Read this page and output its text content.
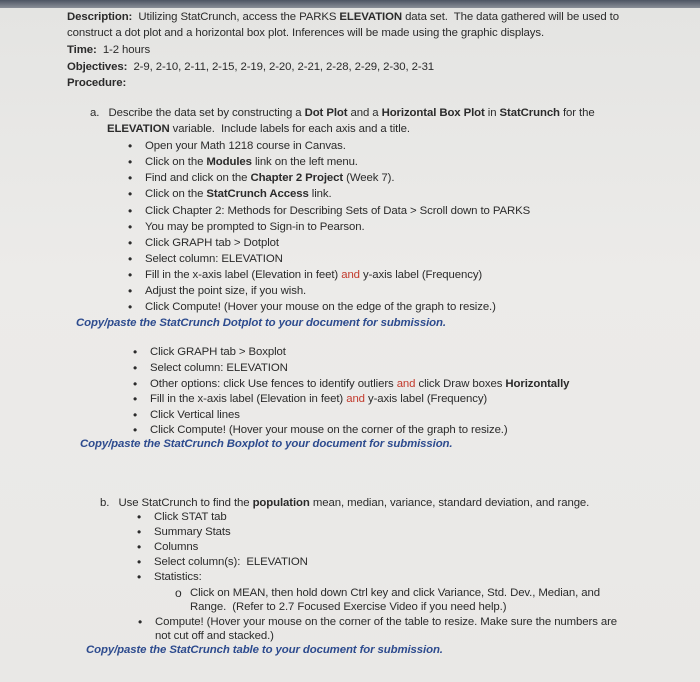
Description:  Utilizing StatCrunch, access the PARKS ELEVATION data set.  The data gathered will be used to
construct a dot plot and a horizontal box plot. Inferences will be made using the graphic displays.
Time:  1-2 hours
Objectives:  2-9, 2-10, 2-11, 2-15, 2-19, 2-20, 2-21, 2-28, 2-29, 2-30, 2-31
Procedure:
a.   Describe the data set by constructing a Dot Plot and a Horizontal Box Plot in StatCrunch for the
ELEVATION variable.  Include labels for each axis and a title.
• Open your Math 1218 course in Canvas.
• Click on the Modules link on the left menu.
• Find and click on the Chapter 2 Project (Week 7).
• Click on the StatCrunch Access link.
• Click Chapter 2: Methods for Describing Sets of Data > Scroll down to PARKS
• You may be prompted to Sign-in to Pearson.
• Click GRAPH tab > Dotplot
• Select column: ELEVATION
• Fill in the x-axis label (Elevation in feet) and y-axis label (Frequency)
• Adjust the point size, if you wish.
• Click Compute! (Hover your mouse on the edge of the graph to resize.)
Copy/paste the StatCrunch Dotplot to your document for submission.
• Click GRAPH tab > Boxplot
• Select column: ELEVATION
• Other options: click Use fences to identify outliers and click Draw boxes Horizontally
• Fill in the x-axis label (Elevation in feet) and y-axis label (Frequency)
• Click Vertical lines
• Click Compute! (Hover your mouse on the corner of the graph to resize.)
Copy/paste the StatCrunch Boxplot to your document for submission.
b.   Use StatCrunch to find the population mean, median, variance, standard deviation, and range.
• Click STAT tab
• Summary Stats
• Columns
• Select column(s):  ELEVATION
• Statistics:
o Click on MEAN, then hold down Ctrl key and click Variance, Std. Dev., Median, and
Range.  (Refer to 2.7 Focused Exercise Video if you need help.)
• Compute! (Hover your mouse on the corner of the table to resize. Make sure the numbers are
not cut off and stacked.)
Copy/paste the StatCrunch table to your document for submission.
